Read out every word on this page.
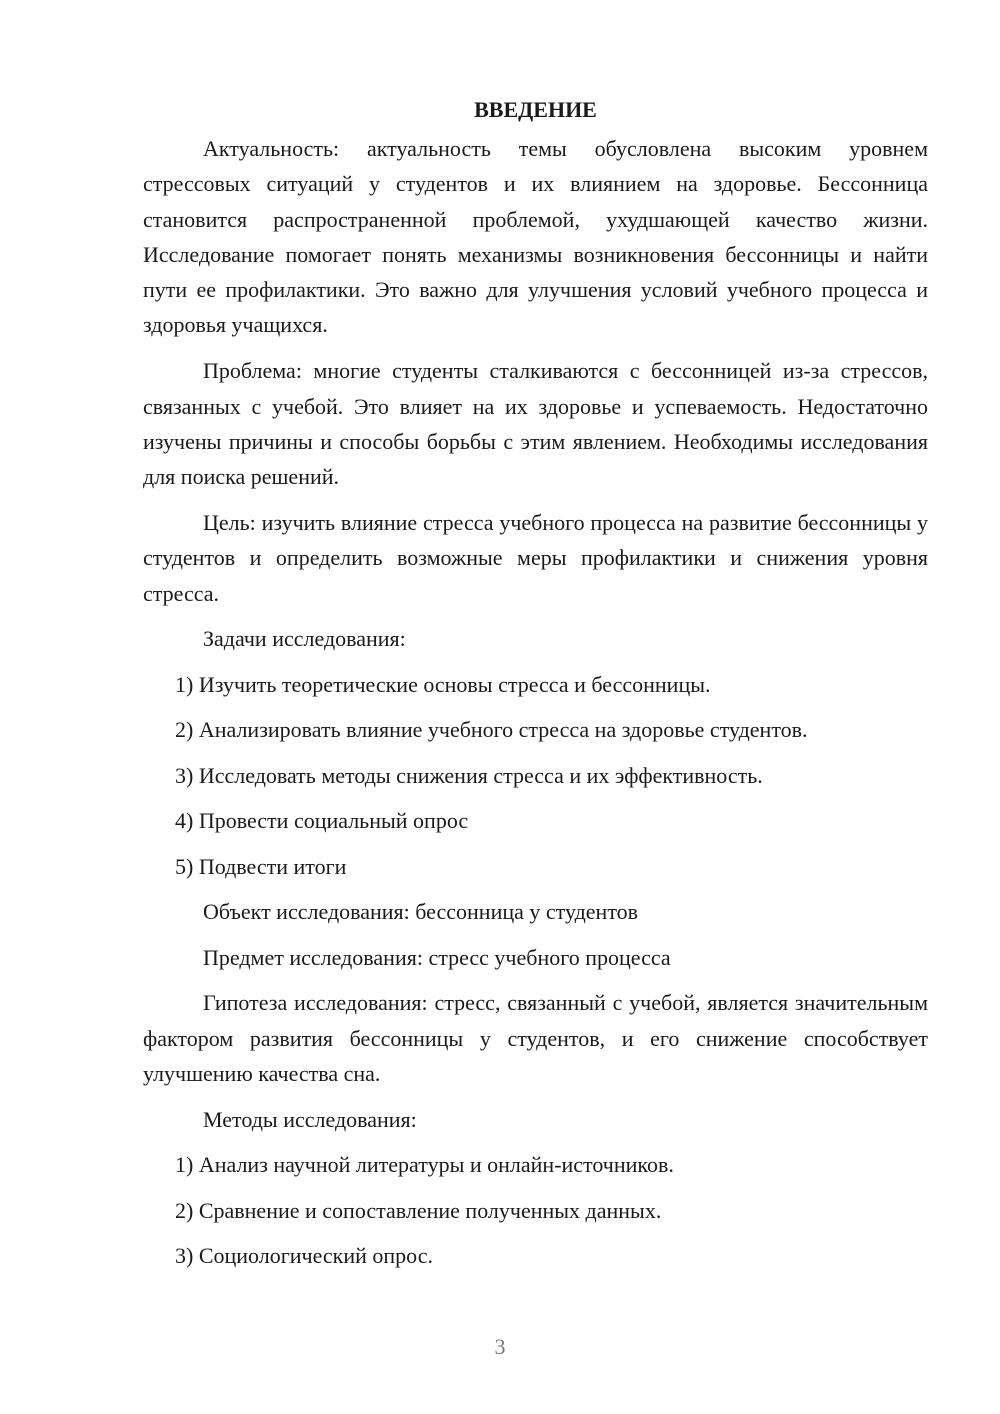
ВВЕДЕНИЕ

Актуальность: актуальность темы обусловлена высоким уровнем стрессовых ситуаций у студентов и их влиянием на здоровье. Бессонница становится распространенной проблемой, ухудшающей качество жизни. Исследование помогает понять механизмы возникновения бессонницы и найти пути ее профилактики. Это важно для улучшения условий учебного процесса и здоровья учащихся.

Проблема: многие студенты сталкиваются с бессонницей из-за стрессов, связанных с учебой. Это влияет на их здоровье и успеваемость. Недостаточно изучены причины и способы борьбы с этим явлением. Необходимы исследования для поиска решений.

Цель: изучить влияние стресса учебного процесса на развитие бессонницы у студентов и определить возможные меры профилактики и снижения уровня стресса.

Задачи исследования:

1) Изучить теоретические основы стресса и бессонницы.

2) Анализировать влияние учебного стресса на здоровье студентов.

3) Исследовать методы снижения стресса и их эффективность.

4) Провести социальный опрос

5) Подвести итоги

Объект исследования: бессонница у студентов

Предмет исследования: стресс учебного процесса

Гипотеза исследования: стресс, связанный с учебой, является значительным фактором развития бессонницы у студентов, и его снижение способствует улучшению качества сна.

Методы исследования:

1) Анализ научной литературы и онлайн-источников.

2) Сравнение и сопоставление полученных данных.

3) Социологический опрос.

3
